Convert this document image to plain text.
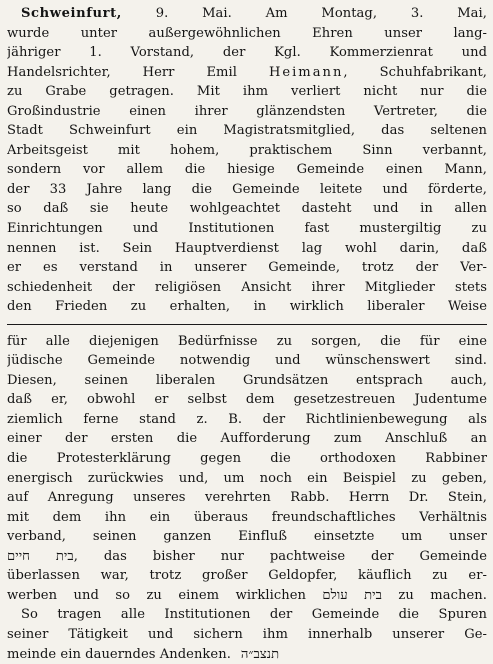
Schweinfurt, 9. Mai. Am Montag, 3. Mai,

wurde unter außergewöhnlichen Ehren unser lang-

jähriger 1. Vorstand, der Kgl. Kommerzienrat und

Handelsrichter, Herr Emil Heimann, Schuhfabrikant,

zu Grabe getragen. Mit ihm verliert nicht nur die

Großindustrie einen ihrer glänzendsten Vertreter, die

Stadt Schweinfurt ein Magistratsmitglied, das seltenen

Arbeitsgeist mit hohem, praktischem Sinn verbannt,

sondern vor allem die hiesige Gemeinde einen Mann,

der 33 Jahre lang die Gemeinde leitete und förderte,

so daß sie heute wohlgeachtet dasteht und in allen

Einrichtungen und Institutionen fast mustergiltig zu

nennen ist. Sein Hauptverdienst lag wohl darin, daß

er es verstand in unserer Gemeinde, trotz der Ver-

schiedenheit der religiösen Ansicht ihrer Mitglieder stets

den Frieden zu erhalten, in wirklich liberaler Weise

für alle diejenigen Bedürfnisse zu sorgen, die für eine

jüdische Gemeinde notwendig und wünschenswert sind.

Diesen, seinen liberalen Grundsätzen entsprach auch,

daß er, obwohl er selbst dem gesetzestreuen Judentume

ziemlich ferne stand z. B. der Richtlinienbewegung als

einer der ersten die Aufforderung zum Anschluß an

die Protesterklärung gegen die orthodoxen Rabbiner

energisch zurückwies und, um noch ein Beispiel zu geben,

auf Anregung unseres verehrten Rabb. Herrn Dr. Stein,

mit dem ihn ein überaus freundschaftliches Verhältnis

verband, seinen ganzen Einfluß einsetzte um unser

בית חיים, das bisher nur pachtweise der Gemeinde

überlassen war, trotz großer Geldopfer, käuflich zu er-

werben und so zu einem wirklichen בית עולם zu machen.

So tragen alle Institutionen der Gemeinde die Spuren

seiner Tätigkeit und sichern ihm innerhalb unserer Ge-

meinde ein dauerndes Andenken. תנצב״ה
